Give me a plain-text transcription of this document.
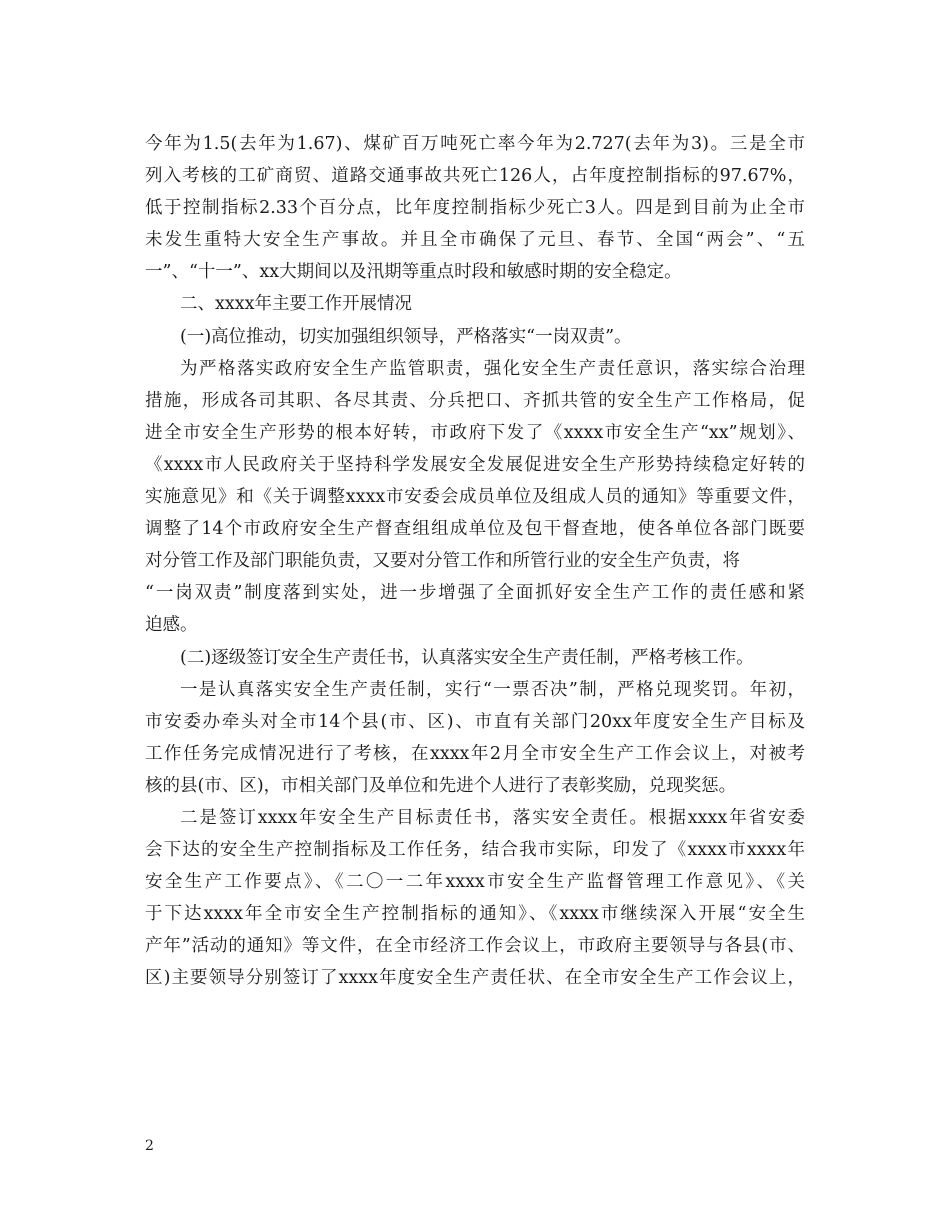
今年为1.5(去年为1.67)、煤矿百万吨死亡率今年为2.727(去年为3)。三是全市
列入考核的工矿商贸、道路交通事故共死亡126人，占年度控制指标的97.67%，
低于控制指标2.33个百分点，比年度控制指标少死亡3人。四是到目前为止全市
未发生重特大安全生产事故。并且全市确保了元旦、春节、全国“两会”、“五
一”、“十一”、xx大期间以及汛期等重点时段和敏感时期的安全稳定。
二、xxxx年主要工作开展情况
(一)高位推动，切实加强组织领导，严格落实“一岗双责”。
为严格落实政府安全生产监管职责，强化安全生产责任意识，落实综合治理
措施，形成各司其职、各尽其责、分兵把口、齐抓共管的安全生产工作格局，促
进全市安全生产形势的根本好转，市政府下发了《xxxx市安全生产“xx”规划》、
《xxxx市人民政府关于坚持科学发展安全发展促进安全生产形势持续稳定好转的
实施意见》和《关于调整xxxx市安委会成员单位及组成人员的通知》等重要文件，
调整了14个市政府安全生产督查组组成单位及包干督查地，使各单位各部门既要
对分管工作及部门职能负责，又要对分管工作和所管行业的安全生产负责，将
“一岗双责”制度落到实处，进一步增强了全面抓好安全生产工作的责任感和紧
迫感。
(二)逐级签订安全生产责任书，认真落实安全生产责任制，严格考核工作。
一是认真落实安全生产责任制，实行“一票否决”制，严格兑现奖罚。年初，
市安委办牵头对全市14个县(市、区)、市直有关部门20xx年度安全生产目标及
工作任务完成情况进行了考核，在xxxx年2月全市安全生产工作会议上，对被考
核的县(市、区)，市相关部门及单位和先进个人进行了表彰奖励，兑现奖惩。
二是签订xxxx年安全生产目标责任书，落实安全责任。根据xxxx年省安委
会下达的安全生产控制指标及工作任务，结合我市实际，印发了《xxxx市xxxx年
安全生产工作要点》、《二〇一二年xxxx市安全生产监督管理工作意见》、《关
于下达xxxx年全市安全生产控制指标的通知》、《xxxx市继续深入开展“安全生
产年”活动的通知》等文件，在全市经济工作会议上，市政府主要领导与各县(市、
区)主要领导分别签订了xxxx年度安全生产责任状、在全市安全生产工作会议上，
2
